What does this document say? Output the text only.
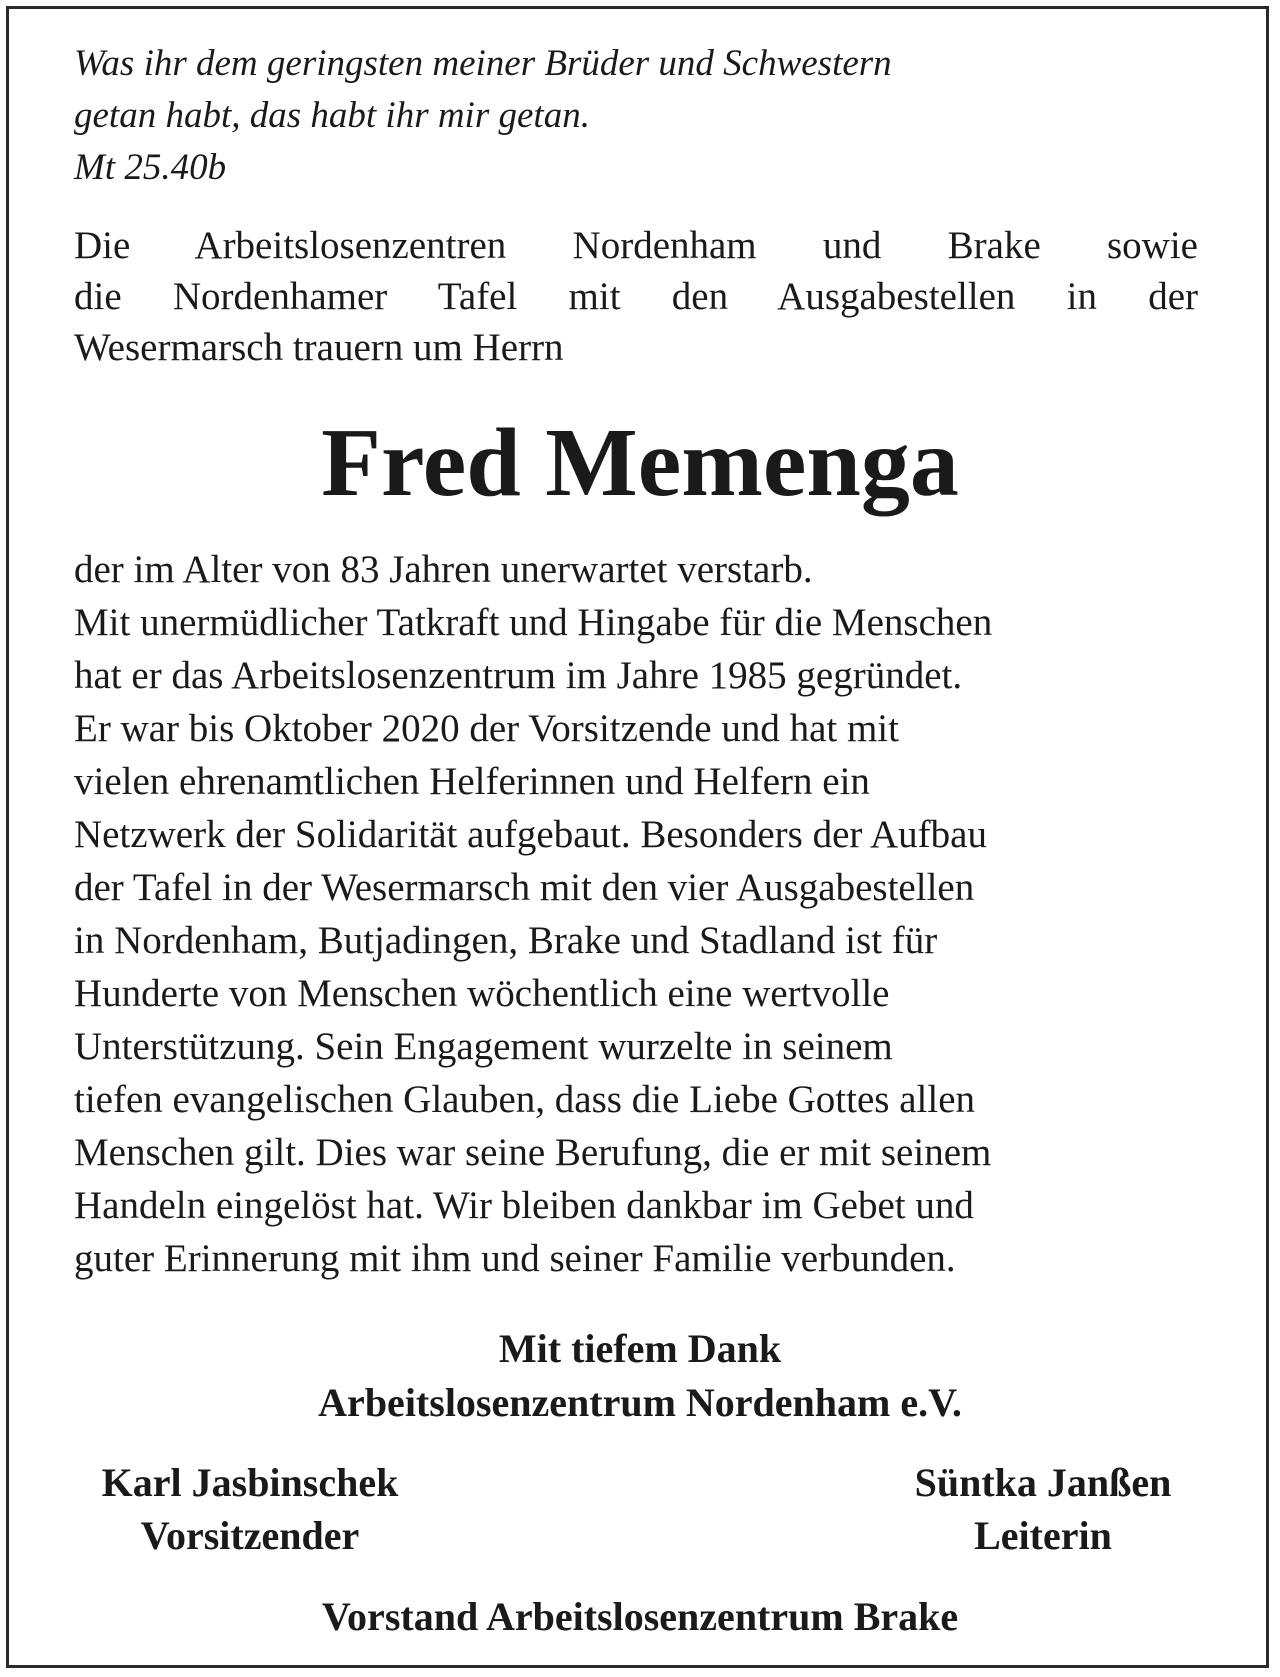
Was ihr dem geringsten meiner Brüder und Schwestern
getan habt, das habt ihr mir getan.
Mt 25.40b
Die Arbeitslosenzentren Nordenham und Brake sowie
die Nordenhamer Tafel mit den Ausgabestellen in der
Wesermarsch trauern um Herrn
Fred Memenga
der im Alter von 83 Jahren unerwartet verstarb.
Mit unermüdlicher Tatkraft und Hingabe für die Menschen
hat er das Arbeitslosenzentrum im Jahre 1985 gegründet.
Er war bis Oktober 2020 der Vorsitzende und hat mit
vielen ehrenamtlichen Helferinnen und Helfern ein
Netzwerk der Solidarität aufgebaut. Besonders der Aufbau
der Tafel in der Wesermarsch mit den vier Ausgabestellen
in Nordenham, Butjadingen, Brake und Stadland ist für
Hunderte von Menschen wöchentlich eine wertvolle
Unterstützung. Sein Engagement wurzelte in seinem
tiefen evangelischen Glauben, dass die Liebe Gottes allen
Menschen gilt. Dies war seine Berufung, die er mit seinem
Handeln eingelöst hat. Wir bleiben dankbar im Gebet und
guter Erinnerung mit ihm und seiner Familie verbunden.
Mit tiefem Dank
Arbeitslosenzentrum Nordenham e.V.
Karl Jasbinschek
Vorsitzender
Süntka Janßen
Leiterin
Vorstand Arbeitslosenzentrum Brake
